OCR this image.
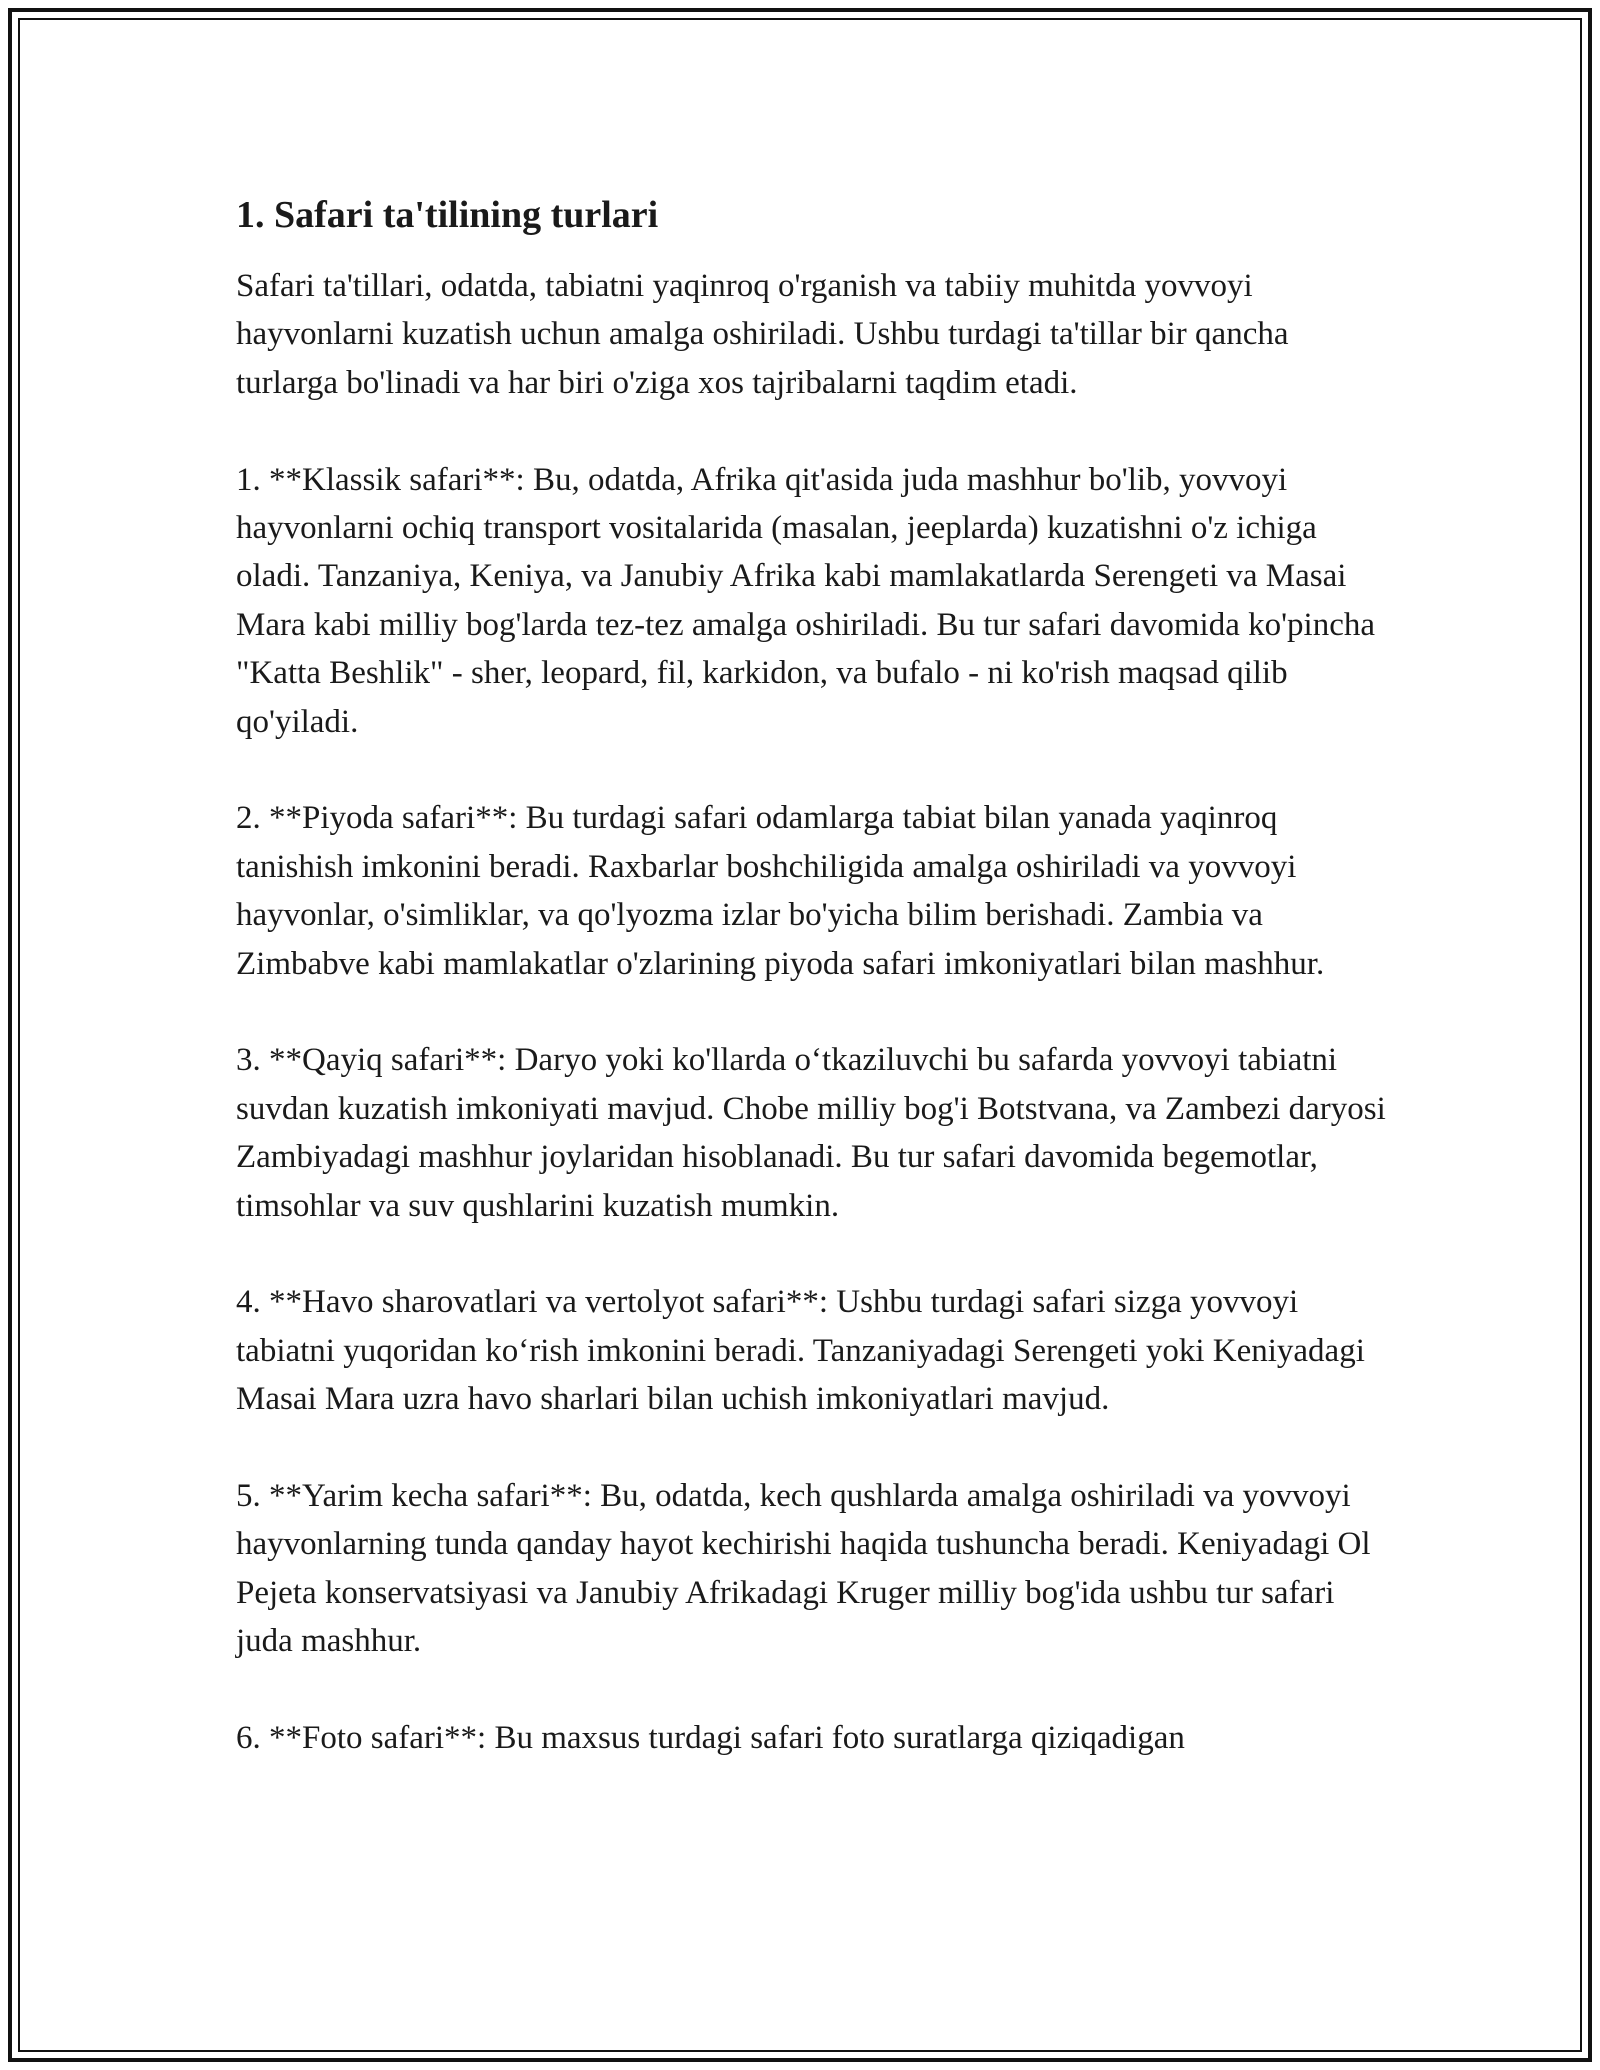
1. Safari ta'tilining turlari

Safari ta'tillari, odatda, tabiatni yaqinroq o'rganish va tabiiy muhitda yovvoyi hayvonlarni kuzatish uchun amalga oshiriladi. Ushbu turdagi ta'tillar bir qancha turlarga bo'linadi va har biri o'ziga xos tajribalarni taqdim etadi.

1. **Klassik safari**: Bu, odatda, Afrika qit'asida juda mashhur bo'lib, yovvoyi hayvonlarni ochiq transport vositalarida (masalan, jeeplarda) kuzatishni o'z ichiga oladi. Tanzaniya, Keniya, va Janubiy Afrika kabi mamlakatlarda Serengeti va Masai Mara kabi milliy bog'larda tez-tez amalga oshiriladi. Bu tur safari davomida ko'pincha "Katta Beshlik" - sher, leopard, fil, karkidon, va bufalo - ni ko'rish maqsad qilib qo'yiladi.

2. **Piyoda safari**: Bu turdagi safari odamlarga tabiat bilan yanada yaqinroq tanishish imkonini beradi. Raxbarlar boshchiligida amalga oshiriladi va yovvoyi hayvonlar, o'simliklar, va qo'lyozma izlar bo'yicha bilim berishadi. Zambia va Zimbabve kabi mamlakatlar o'zlarining piyoda safari imkoniyatlari bilan mashhur.

3. **Qayiq safari**: Daryo yoki ko'llarda o‘tkaziluvchi bu safarda yovvoyi tabiatni suvdan kuzatish imkoniyati mavjud. Chobe milliy bog'i Botstvana, va Zambezi daryosi Zambiyadagi mashhur joylaridan hisoblanadi. Bu tur safari davomida begemotlar, timsohlar va suv qushlarini kuzatish mumkin.

4. **Havo sharovatlari va vertolyot safari**: Ushbu turdagi safari sizga yovvoyi tabiatni yuqoridan ko‘rish imkonini beradi. Tanzaniyadagi Serengeti yoki Keniyadagi Masai Mara uzra havo sharlari bilan uchish imkoniyatlari mavjud.

5. **Yarim kecha safari**: Bu, odatda, kech qushlarda amalga oshiriladi va yovvoyi hayvonlarning tunda qanday hayot kechirishi haqida tushuncha beradi. Keniyadagi Ol Pejeta konservatsiyasi va Janubiy Afrikadagi Kruger milliy bog'ida ushbu tur safari juda mashhur.

6. **Foto safari**: Bu maxsus turdagi safari foto suratlarga qiziqadigan
